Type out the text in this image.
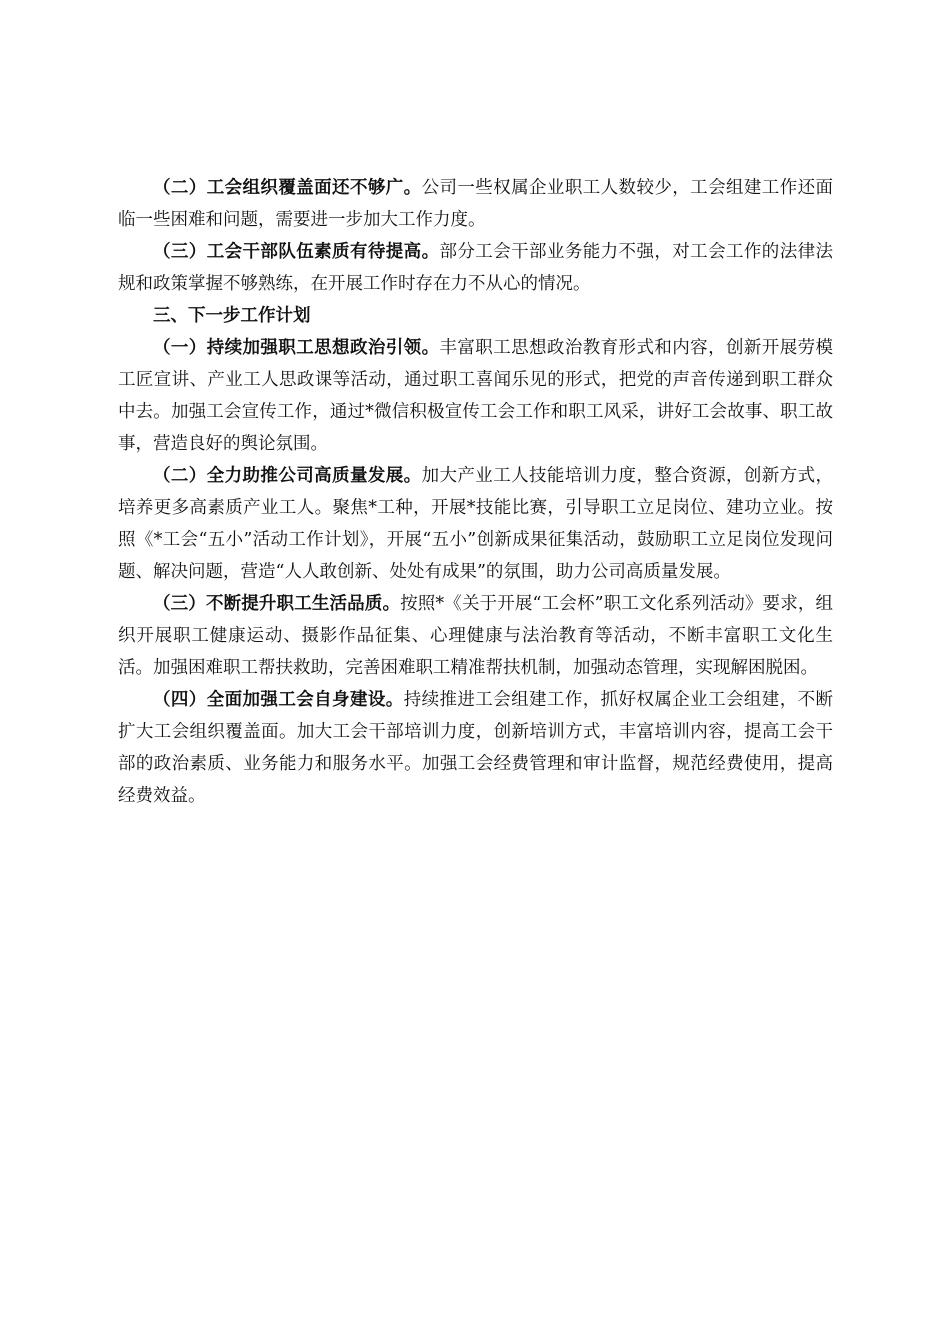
（二）工会组织覆盖面还不够广。公司一些权属企业职工人数较少，工会组建工作还面临一些困难和问题，需要进一步加大工作力度。

（三）工会干部队伍素质有待提高。部分工会干部业务能力不强，对工会工作的法律法规和政策掌握不够熟练，在开展工作时存在力不从心的情况。

三、下一步工作计划

（一）持续加强职工思想政治引领。丰富职工思想政治教育形式和内容，创新开展劳模工匠宣讲、产业工人思政课等活动，通过职工喜闻乐见的形式，把党的声音传递到职工群众中去。加强工会宣传工作，通过*微信积极宣传工会工作和职工风采，讲好工会故事、职工故事，营造良好的舆论氛围。

（二）全力助推公司高质量发展。加大产业工人技能培训力度，整合资源，创新方式，培养更多高素质产业工人。聚焦*工种，开展*技能比赛，引导职工立足岗位、建功立业。按照《*工会“五小”活动工作计划》，开展“五小”创新成果征集活动，鼓励职工立足岗位发现问题、解决问题，营造“人人敢创新、处处有成果”的氛围，助力公司高质量发展。

（三）不断提升职工生活品质。按照*《关于开展“工会杯”职工文化系列活动》要求，组织开展职工健康运动、摄影作品征集、心理健康与法治教育等活动，不断丰富职工文化生活。加强困难职工帮扶救助，完善困难职工精准帮扶机制，加强动态管理，实现解困脱困。

（四）全面加强工会自身建设。持续推进工会组建工作，抓好权属企业工会组建，不断扩大工会组织覆盖面。加大工会干部培训力度，创新培训方式，丰富培训内容，提高工会干部的政治素质、业务能力和服务水平。加强工会经费管理和审计监督，规范经费使用，提高经费效益。
